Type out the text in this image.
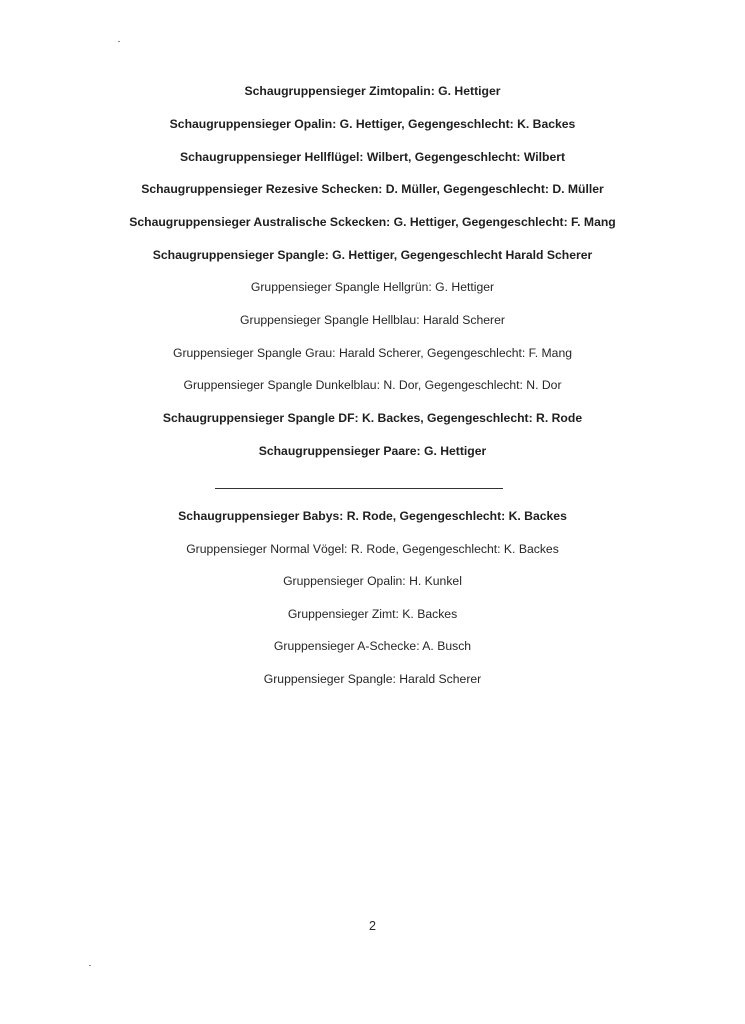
Schaugruppensieger Zimtopalin: G. Hettiger
Schaugruppensieger Opalin: G. Hettiger, Gegengeschlecht: K. Backes
Schaugruppensieger Hellflügel: Wilbert, Gegengeschlecht: Wilbert
Schaugruppensieger Rezesive Schecken: D. Müller, Gegengeschlecht: D. Müller
Schaugruppensieger Australische Sckecken: G. Hettiger, Gegengeschlecht: F. Mang
Schaugruppensieger Spangle: G. Hettiger, Gegengeschlecht Harald Scherer
Gruppensieger Spangle Hellgrün: G. Hettiger
Gruppensieger Spangle Hellblau: Harald Scherer
Gruppensieger Spangle Grau: Harald Scherer, Gegengeschlecht: F. Mang
Gruppensieger Spangle Dunkelblau: N. Dor, Gegengeschlecht: N. Dor
Schaugruppensieger Spangle DF: K. Backes, Gegengeschlecht: R. Rode
Schaugruppensieger Paare: G. Hettiger
Schaugruppensieger Babys: R. Rode, Gegengeschlecht: K. Backes
Gruppensieger Normal Vögel: R. Rode, Gegengeschlecht: K. Backes
Gruppensieger Opalin: H. Kunkel
Gruppensieger Zimt: K. Backes
Gruppensieger A-Schecke: A. Busch
Gruppensieger Spangle: Harald Scherer
2
